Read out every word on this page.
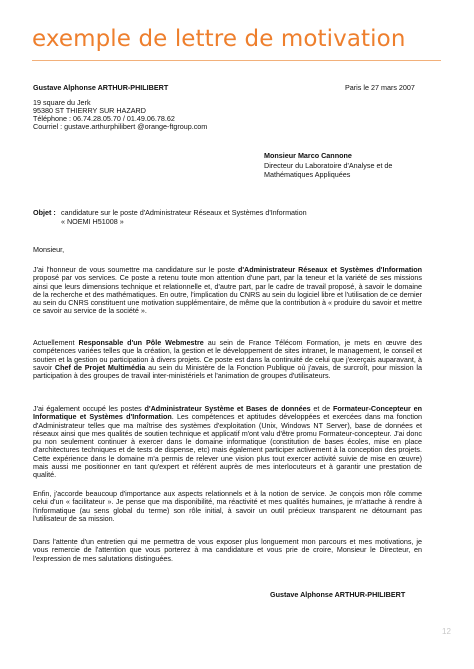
exemple de lettre de motivation
Gustave Alphonse ARTHUR-PHILIBERT	Paris le 27 mars 2007
19 square du Jerk
95380 ST THIERRY SUR HAZARD
Téléphone : 06.74.28.05.70 / 01.49.06.78.62
Courriel : gustave.arthurphilibert @orange-ftgroup.com
Monsieur Marco Cannone
Directeur du Laboratoire d'Analyse et de
Mathématiques Appliquées
Objet : candidature sur le poste d'Administrateur Réseaux et Systèmes d'Information
« NOEMI H51008 »
Monsieur,

J'ai l'honneur de vous soumettre ma candidature sur le poste d'Administrateur Réseaux et Systèmes d'Information proposé par vos services. Ce poste a retenu toute mon attention d'une part, par la teneur et la variété de ses missions ainsi que leurs dimensions technique et relationnelle et, d'autre part, par le cadre de travail proposé, à savoir le domaine de la recherche et des mathématiques. En outre, l'implication du CNRS au sein du logiciel libre et l'utilisation de ce dernier au sein du CNRS constituent une motivation supplémentaire, de même que la contribution à « produire du savoir et mettre ce savoir au service de la société ».

Actuellement Responsable d'un Pôle Webmestre au sein de France Télécom Formation, je mets en œuvre des compétences variées telles que la création, la gestion et le développement de sites intranet, le management, le conseil et soutien et la gestion ou participation à divers projets. Ce poste est dans la continuité de celui que j'exerçais auparavant, à savoir Chef de Projet Multimédia au sein du Ministère de la Fonction Publique où j'avais, de surcroît, pour mission la participation à des groupes de travail inter-ministériels et l'animation de groupes d'utilisateurs.

J'ai également occupé les postes d'Administrateur Système et Bases de données et de Formateur-Concepteur en Informatique et Systèmes d'Information. Les compétences et aptitudes développées et exercées dans ma fonction d'Administrateur telles que ma maîtrise des systèmes d'exploitation (Unix, Windows NT Server), base de données et réseaux ainsi que mes qualités de soutien technique et applicatif m'ont valu d'être promu Formateur-concepteur. J'ai donc pu non seulement continuer à exercer dans le domaine informatique (constitution de bases écoles, mise en place d'architectures techniques et de tests de dispense, etc) mais également participer activement à la conception des projets. Cette expérience dans le domaine m'a permis de relever une vision plus tout exercer activité suivie de mise en œuvre) mais aussi me positionner en tant qu'expert et référent auprès de mes interlocuteurs et à garantir une prestation de qualité.

Enfin, j'accorde beaucoup d'importance aux aspects relationnels et à la notion de service. Je conçois mon rôle comme celui d'un « facilitateur ». Je pense que ma disponibilité, ma réactivité et mes qualités humaines, je m'attache à rendre à l'informatique (au sens global du terme) son rôle initial, à savoir un outil précieux transparent ne détournant pas l'utilisateur de sa mission.

Dans l'attente d'un entretien qui me permettra de vous exposer plus longuement mon parcours et mes motivations, je vous remercie de l'attention que vous porterez à ma candidature et vous prie de croire, Monsieur le Directeur, en l'expression de mes salutations distinguées.

Gustave Alphonse ARTHUR-PHILIBERT
12
